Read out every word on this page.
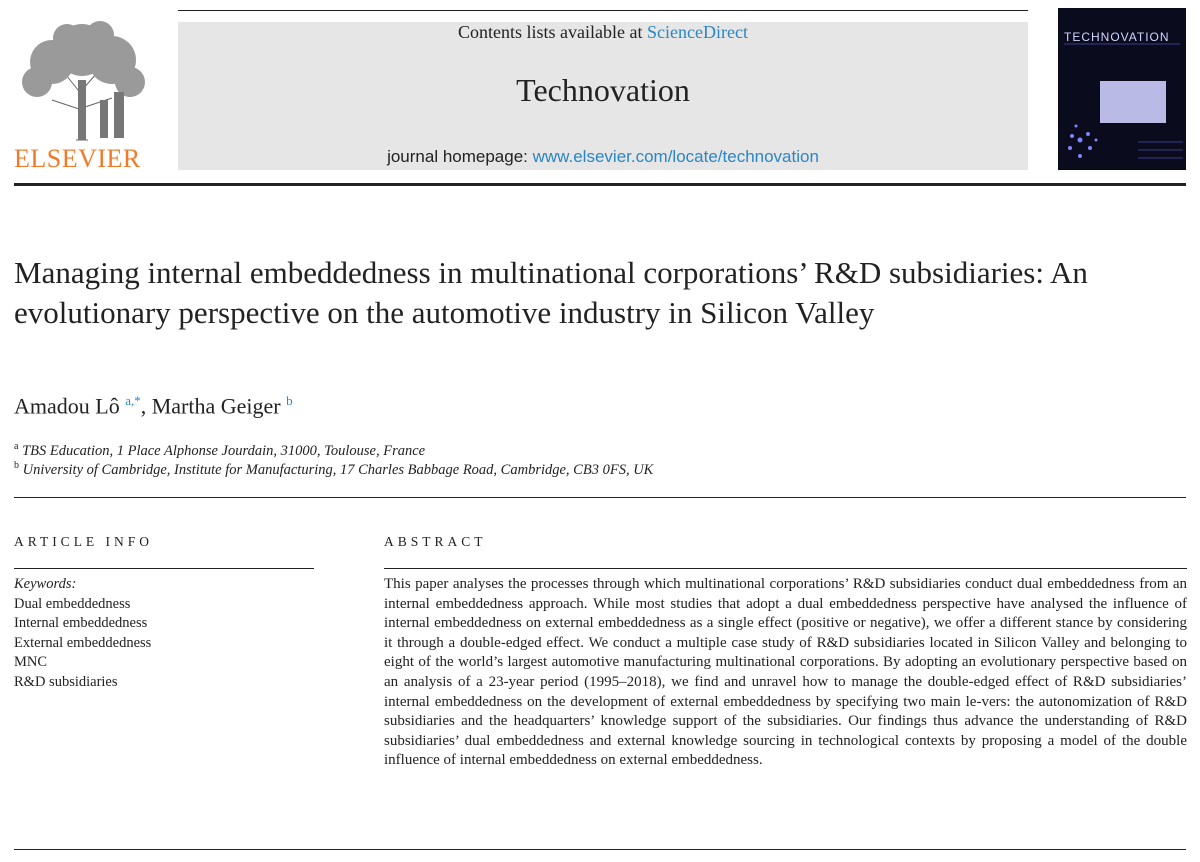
ELSEVIER
Contents lists available at ScienceDirect
Technovation
journal homepage: www.elsevier.com/locate/technovation
TECHNOVATION
Managing internal embeddedness in multinational corporations’ R&D subsidiaries: An evolutionary perspective on the automotive industry in Silicon Valley
Amadou Lô $^{a,*}$, Martha Geiger $^b$
$^a$ TBS Education, 1 Place Alphonse Jourdain, 31000, Toulouse, France
$^b$ University of Cambridge, Institute for Manufacturing, 17 Charles Babbage Road, Cambridge, CB3 0FS, UK
ARTICLE INFO
Keywords:
Dual embeddedness
Internal embeddedness
External embeddedness
MNC
R&D subsidiaries
ABSTRACT
This paper analyses the processes through which multinational corporations’ R&D subsidiaries conduct dual embeddedness from an internal embeddedness approach. While most studies that adopt a dual embeddedness perspective have analysed the influence of internal embeddedness on external embeddedness as a single effect (positive or negative), we offer a different stance by considering it through a double-edged effect. We conduct a multiple case study of R&D subsidiaries located in Silicon Valley and belonging to eight of the world’s largest automotive manufacturing multinational corporations. By adopting an evolutionary perspective based on an analysis of a 23-year period (1995–2018), we find and unravel how to manage the double-edged effect of R&D subsidiaries’ internal embeddedness on the development of external embeddedness by specifying two main le-vers: the autonomization of R&D subsidiaries and the headquarters’ knowledge support of the subsidiaries. Our findings thus advance the understanding of R&D subsidiaries’ dual embeddedness and external knowledge sourcing in technological contexts by proposing a model of the double influence of internal embeddedness on external embeddedness.
